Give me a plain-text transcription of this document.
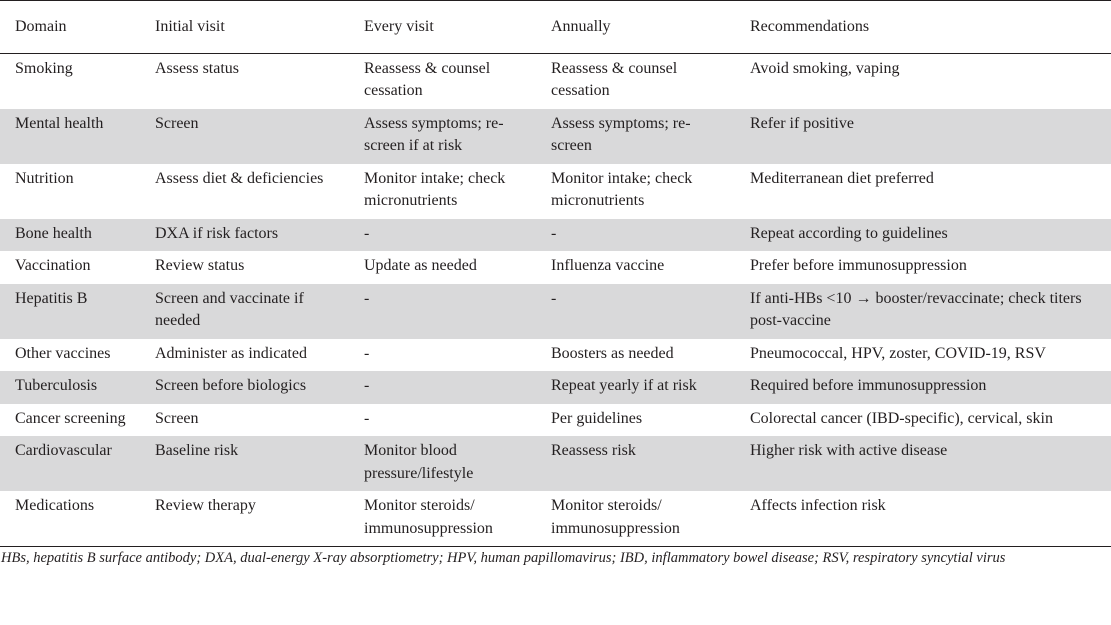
Domain	Initial visit	Every visit	Annually	Recommendations
Smoking	Assess status	Reassess & counsel cessation	Reassess & counsel cessation	Avoid smoking, vaping
Mental health	Screen	Assess symptoms; re-screen if at risk	Assess symptoms; re-screen	Refer if positive
Nutrition	Assess diet & deficiencies	Monitor intake; check micronutrients	Monitor intake; check micronutrients	Mediterranean diet preferred
Bone health	DXA if risk factors	-	-	Repeat according to guidelines
Vaccination	Review status	Update as needed	Influenza vaccine	Prefer before immunosuppression
Hepatitis B	Screen and vaccinate if needed	-	-	If anti-HBs <10 → booster/revaccinate; check titers post-vaccine
Other vaccines	Administer as indicated	-	Boosters as needed	Pneumococcal, HPV, zoster, COVID-19, RSV
Tuberculosis	Screen before biologics	-	Repeat yearly if at risk	Required before immunosuppression
Cancer screening	Screen	-	Per guidelines	Colorectal cancer (IBD-specific), cervical, skin
Cardiovascular	Baseline risk	Monitor blood pressure/lifestyle	Reassess risk	Higher risk with active disease
Medications	Review therapy	Monitor steroids/ immunosuppression	Monitor steroids/ immunosuppression	Affects infection risk

HBs, hepatitis B surface antibody; DXA, dual-energy X-ray absorptiometry; HPV, human papillomavirus; IBD, inflammatory bowel disease; RSV, respiratory syncytial virus
